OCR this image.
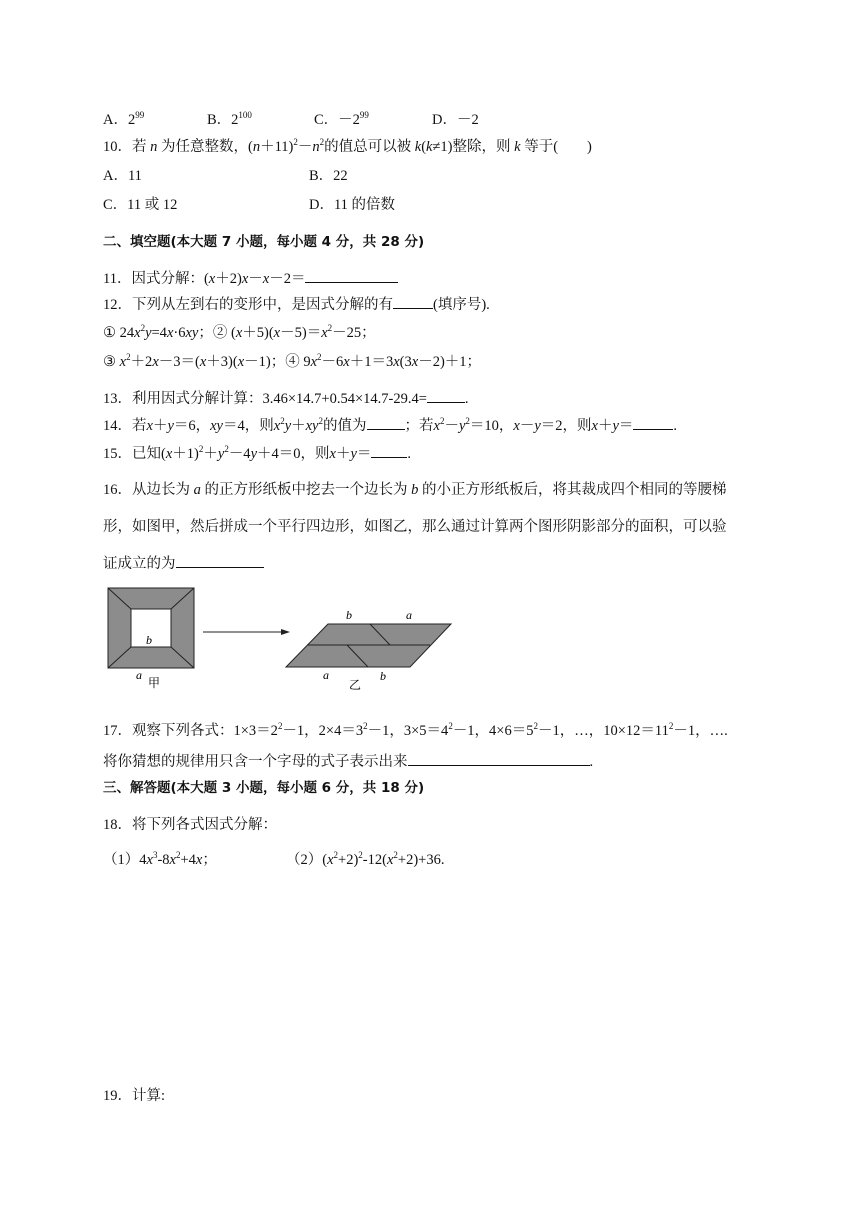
A．$2^{99}$	B．$2^{100}$	C．$-2^{99}$	D．－2
10．若 n 为任意整数，$(n+11)^2-n^2$的值总可以被 k(k≠1)整除，则 k 等于(　　)
A．11	B．22
C．11 或 12	D．11 的倍数
二、填空题(本大题 7 小题，每小题 4 分，共 28 分)
11．因式分解：(x＋2)x－x－2＝
12．下列从左到右的变形中，是因式分解的有	(填序号).
① $24x^2y=4x\cdot 6xy$；② $(x+5)(x-5)=x^2-25$；
③ $x^2+2x-3=(x+3)(x-1)$；④ $9x^2-6x+1=3x(3x-2)+1$；
13．利用因式分解计算：3.46×14.7+0.54×14.7-29.4=	.
14．若x＋y＝6，xy＝4，则$x^2y+xy^2$的值为	；若$x^2-y^2=10$，x－y＝2，则x＋y＝	.
15．已知$(x+1)^2+y^2-4y+4=0$，则x＋y＝ .
16．从边长为 a 的正方形纸板中挖去一个边长为 b 的小正方形纸板后，将其裁成四个相同的等腰梯
形，如图甲，然后拼成一个平行四边形，如图乙，那么通过计算两个图形阴影部分的面积，可以验
证成立的为
b
a
甲
b	a
a	b
乙
17．观察下列各式：$1\times 3=2^2-1$，$2\times 4=3^2-1$，$3\times 5=4^2-1$，$4\times 6=5^2-1$，…，$10\times 12=11^2-1$，….
将你猜想的规律用只含一个字母的式子表示出来	.
三、解答题(本大题 3 小题，每小题 6 分，共 18 分)
18．将下列各式因式分解：
$(1)4x^3-8x^2+4x$；	$(2)(x^2+2)^2-12(x^2+2)+36$.
19．计算:
